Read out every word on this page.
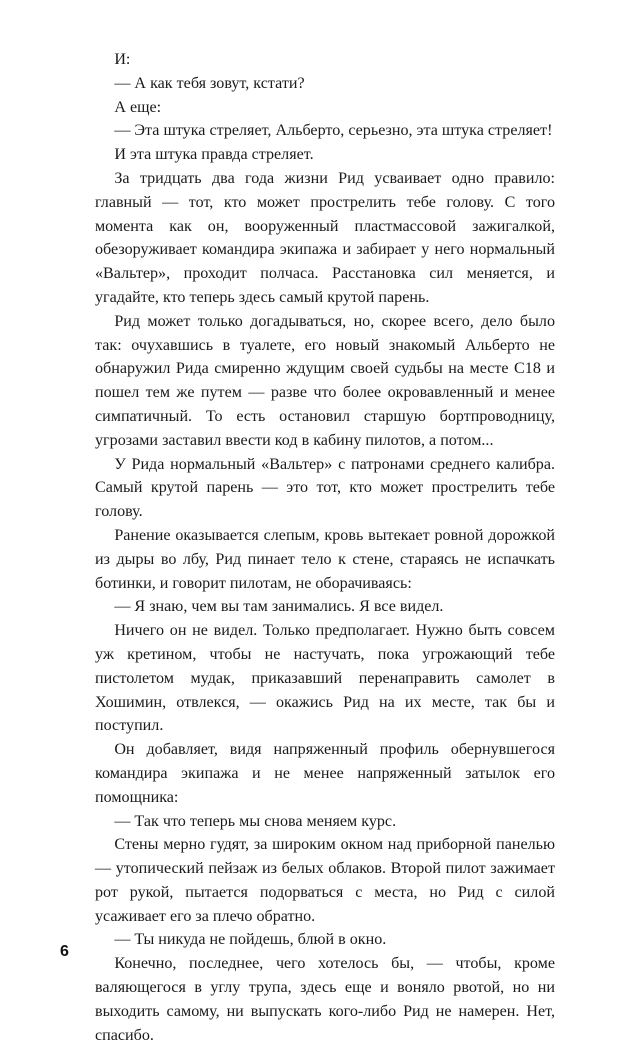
И:

— А как тебя зовут, кстати?

А еще:

— Эта штука стреляет, Альберто, серьезно, эта штука стреляет!

И эта штука правда стреляет.

За тридцать два года жизни Рид усваивает одно правило: главный — тот, кто может прострелить тебе голову. С того момента как он, вооруженный пластмассовой зажигалкой, обезоруживает командира экипажа и забирает у него нормальный «Вальтер», проходит полчаса. Расстановка сил меняется, и угадайте, кто теперь здесь самый крутой парень.

Рид может только догадываться, но, скорее всего, дело было так: очухавшись в туалете, его новый знакомый Альберто не обнаружил Рида смиренно ждущим своей судьбы на месте С18 и пошел тем же путем — разве что более окровавленный и менее симпатичный. То есть остановил старшую бортпроводницу, угрозами заставил ввести код в кабину пилотов, а потом...

У Рида нормальный «Вальтер» с патронами среднего калибра. Самый крутой парень — это тот, кто может прострелить тебе голову.

Ранение оказывается слепым, кровь вытекает ровной дорожкой из дыры во лбу, Рид пинает тело к стене, стараясь не испачкать ботинки, и говорит пилотам, не оборачиваясь:

— Я знаю, чем вы там занимались. Я все видел.

Ничего он не видел. Только предполагает. Нужно быть совсем уж кретином, чтобы не настучать, пока угрожающий тебе пистолетом мудак, приказавший перенаправить самолет в Хошимин, отвлекся, — окажись Рид на их месте, так бы и поступил.

Он добавляет, видя напряженный профиль обернувшегося командира экипажа и не менее напряженный затылок его помощника:

— Так что теперь мы снова меняем курс.

Стены мерно гудят, за широким окном над приборной панелью — утопический пейзаж из белых облаков. Второй пилот зажимает рот рукой, пытается подорваться с места, но Рид с силой усаживает его за плечо обратно.

— Ты никуда не пойдешь, блюй в окно.

Конечно, последнее, чего хотелось бы, — чтобы, кроме валяющегося в углу трупа, здесь еще и воняло рвотой, но ни выходить самому, ни выпускать кого-либо Рид не намерен. Нет, спасибо.

6
